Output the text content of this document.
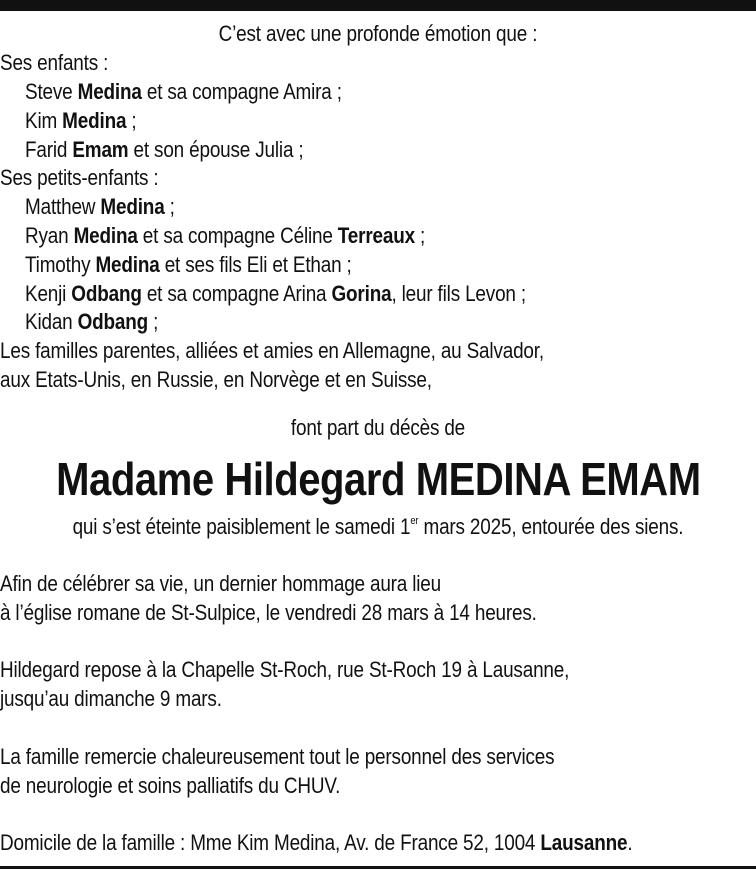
C’est avec une profonde émotion que :
Ses enfants :
Steve Medina et sa compagne Amira ;
Kim Medina ;
Farid Emam et son épouse Julia ;
Ses petits-enfants :
Matthew Medina ;
Ryan Medina et sa compagne Céline Terreaux ;
Timothy Medina et ses fils Eli et Ethan ;
Kenji Odbang et sa compagne Arina Gorina, leur fils Levon ;
Kidan Odbang ;
Les familles parentes, alliées et amies en Allemagne, au Salvador,
aux Etats-Unis, en Russie, en Norvège et en Suisse,
font part du décès de
Madame Hildegard MEDINA EMAM
qui s’est éteinte paisiblement le samedi 1er mars 2025, entourée des siens.
Afin de célébrer sa vie, un dernier hommage aura lieu
à l’église romane de St-Sulpice, le vendredi 28 mars à 14 heures.
Hildegard repose à la Chapelle St-Roch, rue St-Roch 19 à Lausanne,
jusqu’au dimanche 9 mars.
La famille remercie chaleureusement tout le personnel des services
de neurologie et soins palliatifs du CHUV.
Domicile de la famille : Mme Kim Medina, Av. de France 52, 1004 Lausanne.
